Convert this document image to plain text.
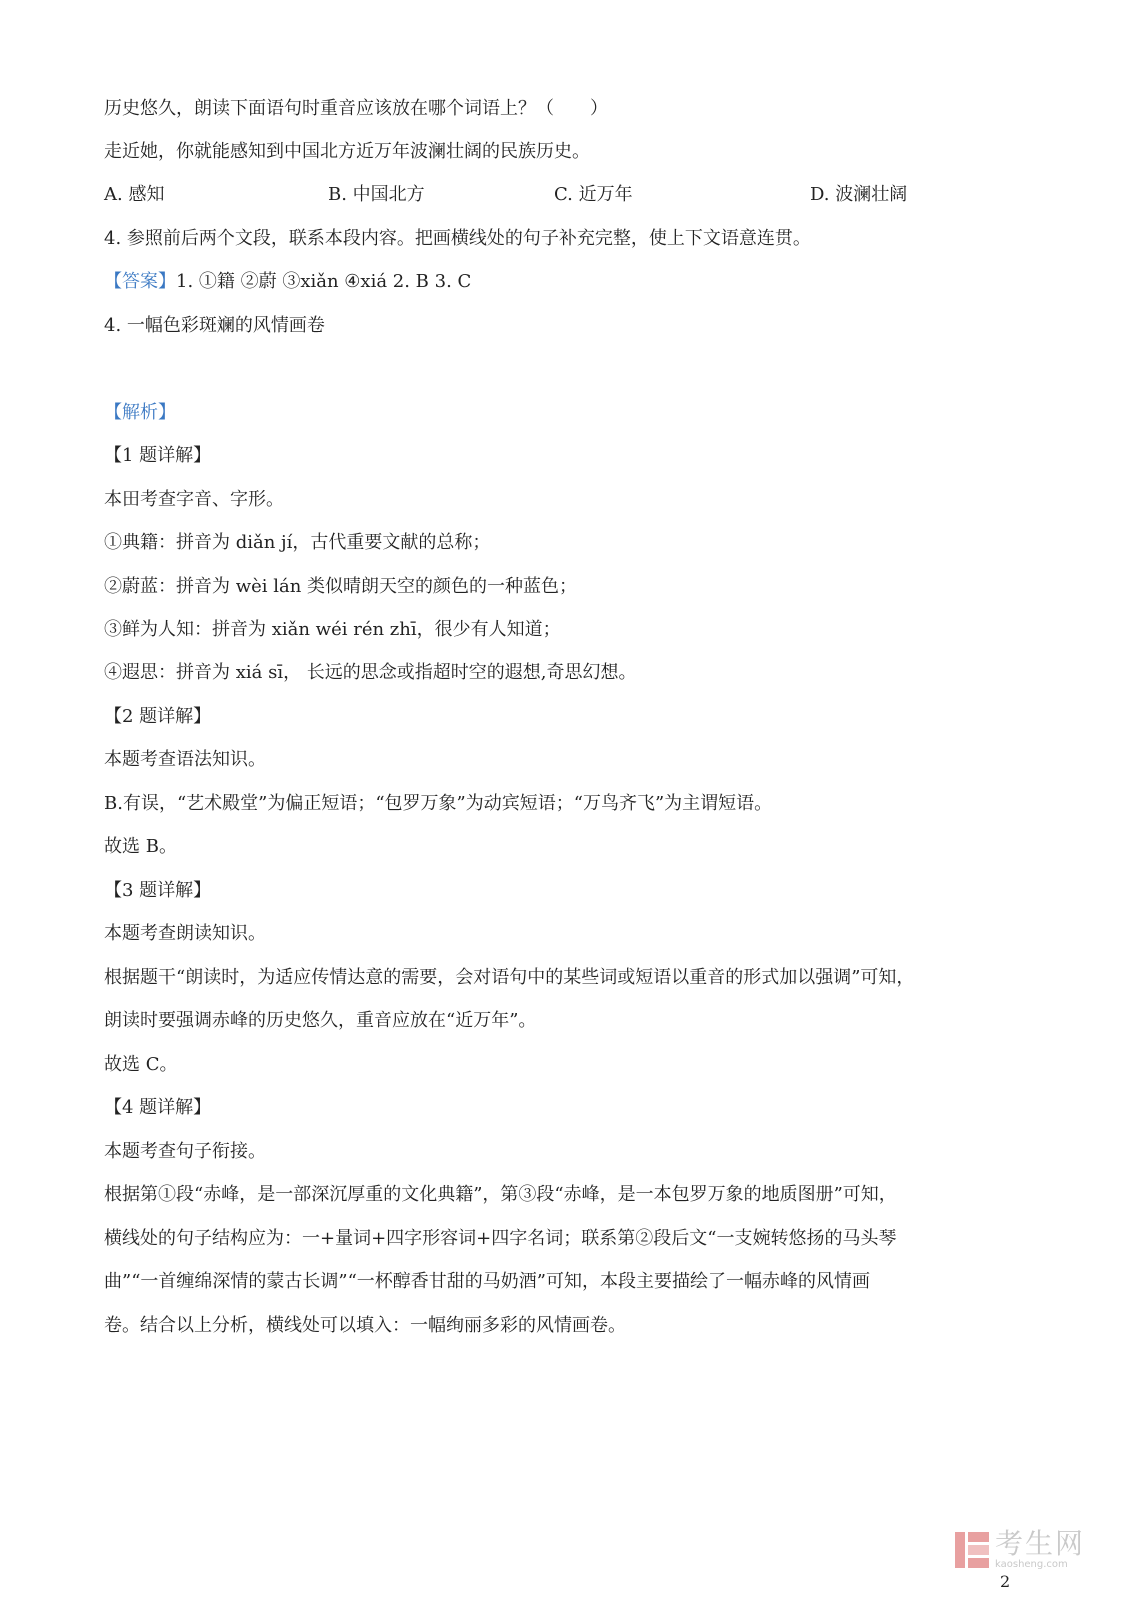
历史悠久，朗读下面语句时重音应该放在哪个词语上？（　　）
走近她，你就能感知到中国北方近万年波澜壮阔的民族历史。
A. 感知	B. 中国北方	C. 近万年	D. 波澜壮阔
4. 参照前后两个文段，联系本段内容。把画横线处的句子补充完整，使上下文语意连贯。
【答案】1. ①籍 ②蔚 ③xiǎn ④xiá 2. B 3. C
4. 一幅色彩斑斓的风情画卷
【解析】
【1 题详解】
本田考查字音、字形。
①典籍：拼音为 diǎn jí，古代重要文献的总称；
②蔚蓝：拼音为 wèi lán 类似晴朗天空的颜色的一种蓝色；
③鲜为人知：拼音为 xiǎn wéi rén zhī，很少有人知道；
④遐思：拼音为 xiá sī， 长远的思念或指超时空的遐想,奇思幻想。
【2 题详解】
本题考查语法知识。
B.有误，“艺术殿堂”为偏正短语；“包罗万象”为动宾短语；“万鸟齐飞”为主谓短语。
故选 B。
【3 题详解】
本题考查朗读知识。
根据题干“朗读时，为适应传情达意的需要，会对语句中的某些词或短语以重音的形式加以强调”可知，
朗读时要强调赤峰的历史悠久，重音应放在“近万年”。
故选 C。
【4 题详解】
本题考查句子衔接。
根据第①段“赤峰，是一部深沉厚重的文化典籍”，第③段“赤峰，是一本包罗万象的地质图册”可知，
横线处的句子结构应为：一+量词+四字形容词+四字名词；联系第②段后文“一支婉转悠扬的马头琴
曲”“一首缠绵深情的蒙古长调”“一杯醇香甘甜的马奶酒”可知，本段主要描绘了一幅赤峰的风情画
卷。结合以上分析，横线处可以填入：一幅绚丽多彩的风情画卷。
考生网
kaosheng.com
2
